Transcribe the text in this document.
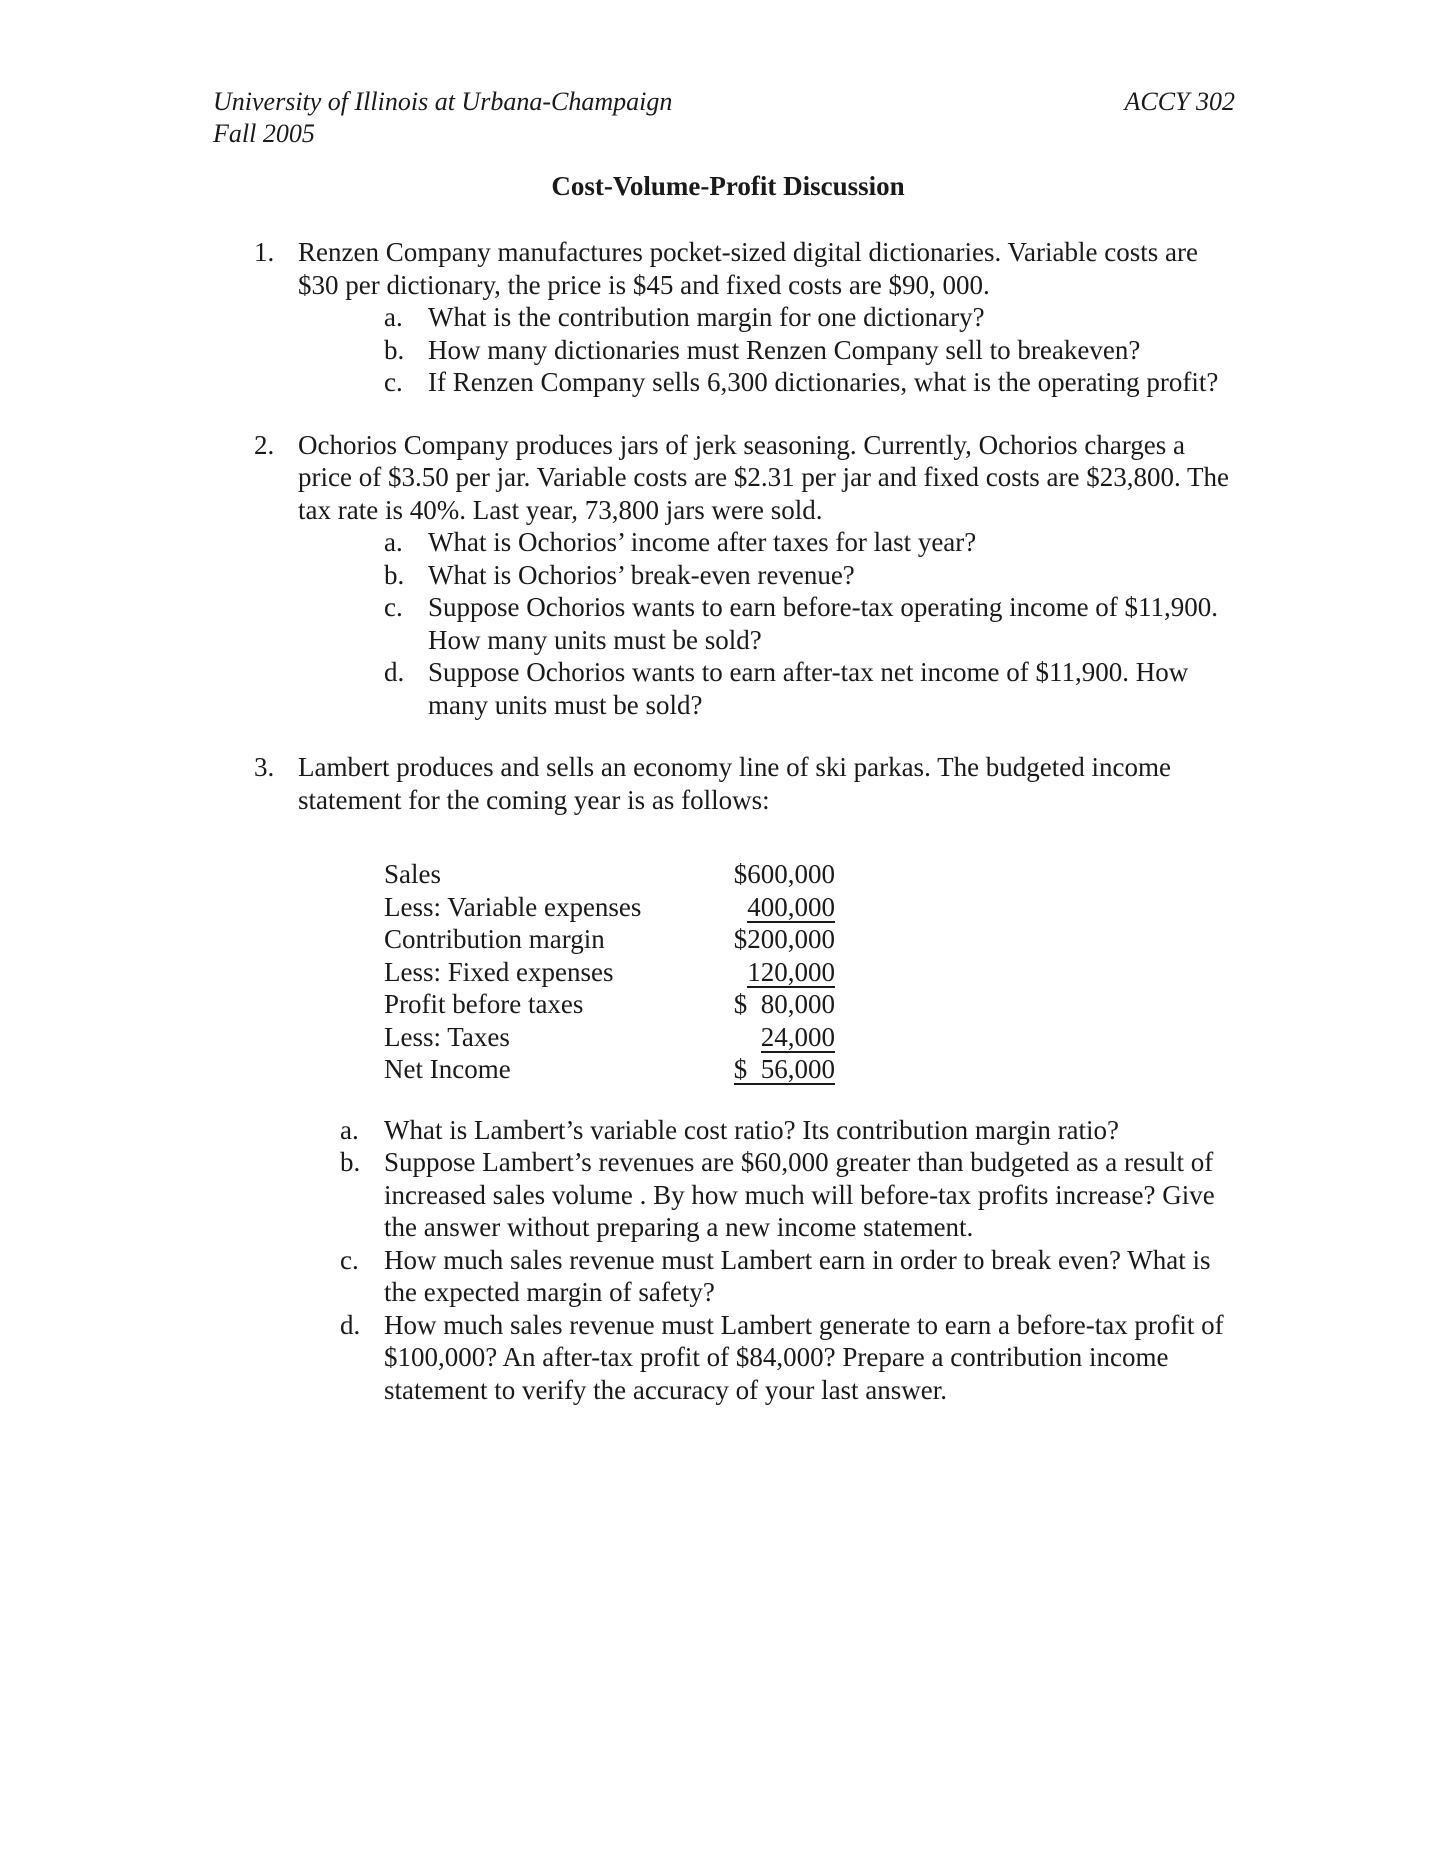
University of Illinois at Urbana-Champaign
Fall 2005
ACCY 302
Cost-Volume-Profit Discussion
1. Renzen Company manufactures pocket-sized digital dictionaries. Variable costs are $30 per dictionary, the price is $45 and fixed costs are $90, 000.
a. What is the contribution margin for one dictionary?
b. How many dictionaries must Renzen Company sell to breakeven?
c. If Renzen Company sells 6,300 dictionaries, what is the operating profit?
2. Ochorios Company produces jars of jerk seasoning. Currently, Ochorios charges a price of $3.50 per jar. Variable costs are $2.31 per jar and fixed costs are $23,800. The tax rate is 40%. Last year, 73,800 jars were sold.
a. What is Ochorios’ income after taxes for last year?
b. What is Ochorios’ break-even revenue?
c. Suppose Ochorios wants to earn before-tax operating income of $11,900. How many units must be sold?
d. Suppose Ochorios wants to earn after-tax net income of $11,900. How many units must be sold?
3. Lambert produces and sells an economy line of ski parkas. The budgeted income statement for the coming year is as follows:
Sales	$600,000
Less: Variable expenses	400,000
Contribution margin	$200,000
Less: Fixed expenses	120,000
Profit before taxes	$  80,000
Less: Taxes	24,000
Net Income	$  56,000
a. What is Lambert’s variable cost ratio? Its contribution margin ratio?
b. Suppose Lambert’s revenues are $60,000 greater than budgeted as a result of increased sales volume . By how much will before-tax profits increase? Give the answer without preparing a new income statement.
c. How much sales revenue must Lambert earn in order to break even? What is the expected margin of safety?
d. How much sales revenue must Lambert generate to earn a before-tax profit of $100,000? An after-tax profit of $84,000? Prepare a contribution income statement to verify the accuracy of your last answer.
